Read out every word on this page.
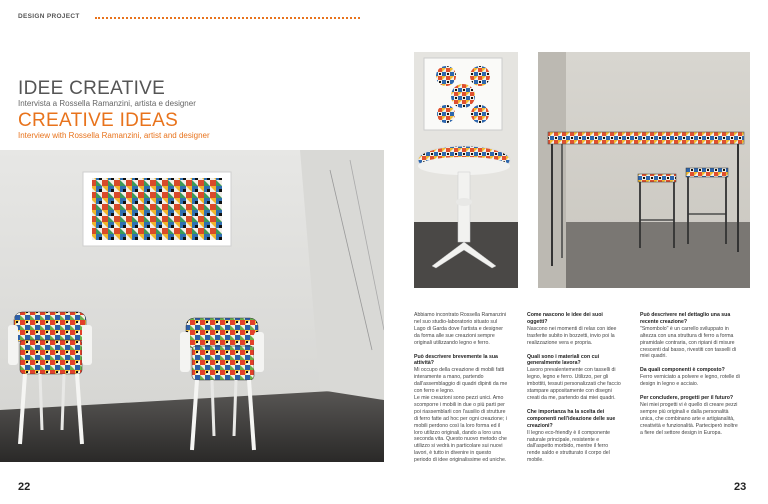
DESIGN PROJECT
IDEE CREATIVE
Intervista a Rossella Ramanzini, artista e designer
CREATIVE IDEAS
Interview with Rossella Ramanzini, artist and designer
22
Abbiamo incontrato Rossella Ramanzini nel suo studio-laboratorio situato sul Lago di Garda dove l'artista e designer da forma alle sue creazioni sempre originali utilizzando legno e ferro.
Può descrivere brevemente la sua attività?
Mi occupo della creazione di mobili fatti interamente a mano, partendo dall'assemblaggio di quadri dipinti da me con ferro e legno.
Le mie creazioni sono pezzi unici. Amo scomporre i mobili in due o più parti per poi riassemblarli con l'ausilio di strutture di ferro fatte ad hoc per ogni creazione; i mobili perdono così la loro forma ed il loro utilizzo originali, dando a loro una seconda vita. Questo nuovo metodo che utilizzo si vedrà in particolare sui nuovi lavori, è tutto in divenire in questo periodo di idee originalissime ed uniche.
Come nascono le idee dei suoi oggetti?
Nascono nei momenti di relax con idee trasferite subito in bozzetti, invio poi la realizzazione vera e propria.
Quali sono i materiali con cui generalmente lavora?
Lavoro prevalentemente con tasselli di legno, legno e ferro. Utilizzo, per gli imbottiti, tessuti personalizzati che faccio stampare appositamente con disegni creati da me, partendo dai miei quadri.
Che importanza ha la scelta dei componenti nell'ideazione delle sue creazioni?
Il legno eco-friendly è il componente naturale principale, resistente e dall'aspetto morbido, mentre il ferro rende saldo e strutturato il corpo del mobile.
Può descrivere nel dettaglio una sua recente creazione?
"Smombolo" è un carrello sviluppato in altezza con una struttura di ferro a forma piramidale contraria, con ripiani di misure crescenti dal basso, rivestiti con tasselli di miei quadri.
Da quali componenti è composto?
Ferro verniciato a polvere e legno, rotelle di design in legno e acciaio.
Per concludere, progetti per il futuro?
Nei miei progetti vi è quello di creare pezzi sempre più originali e dalla personalità unica, che combinano arte e artigianalità, creatività e funzionalità. Parteciperò inoltre a fiere del settore design in Europa.
23
